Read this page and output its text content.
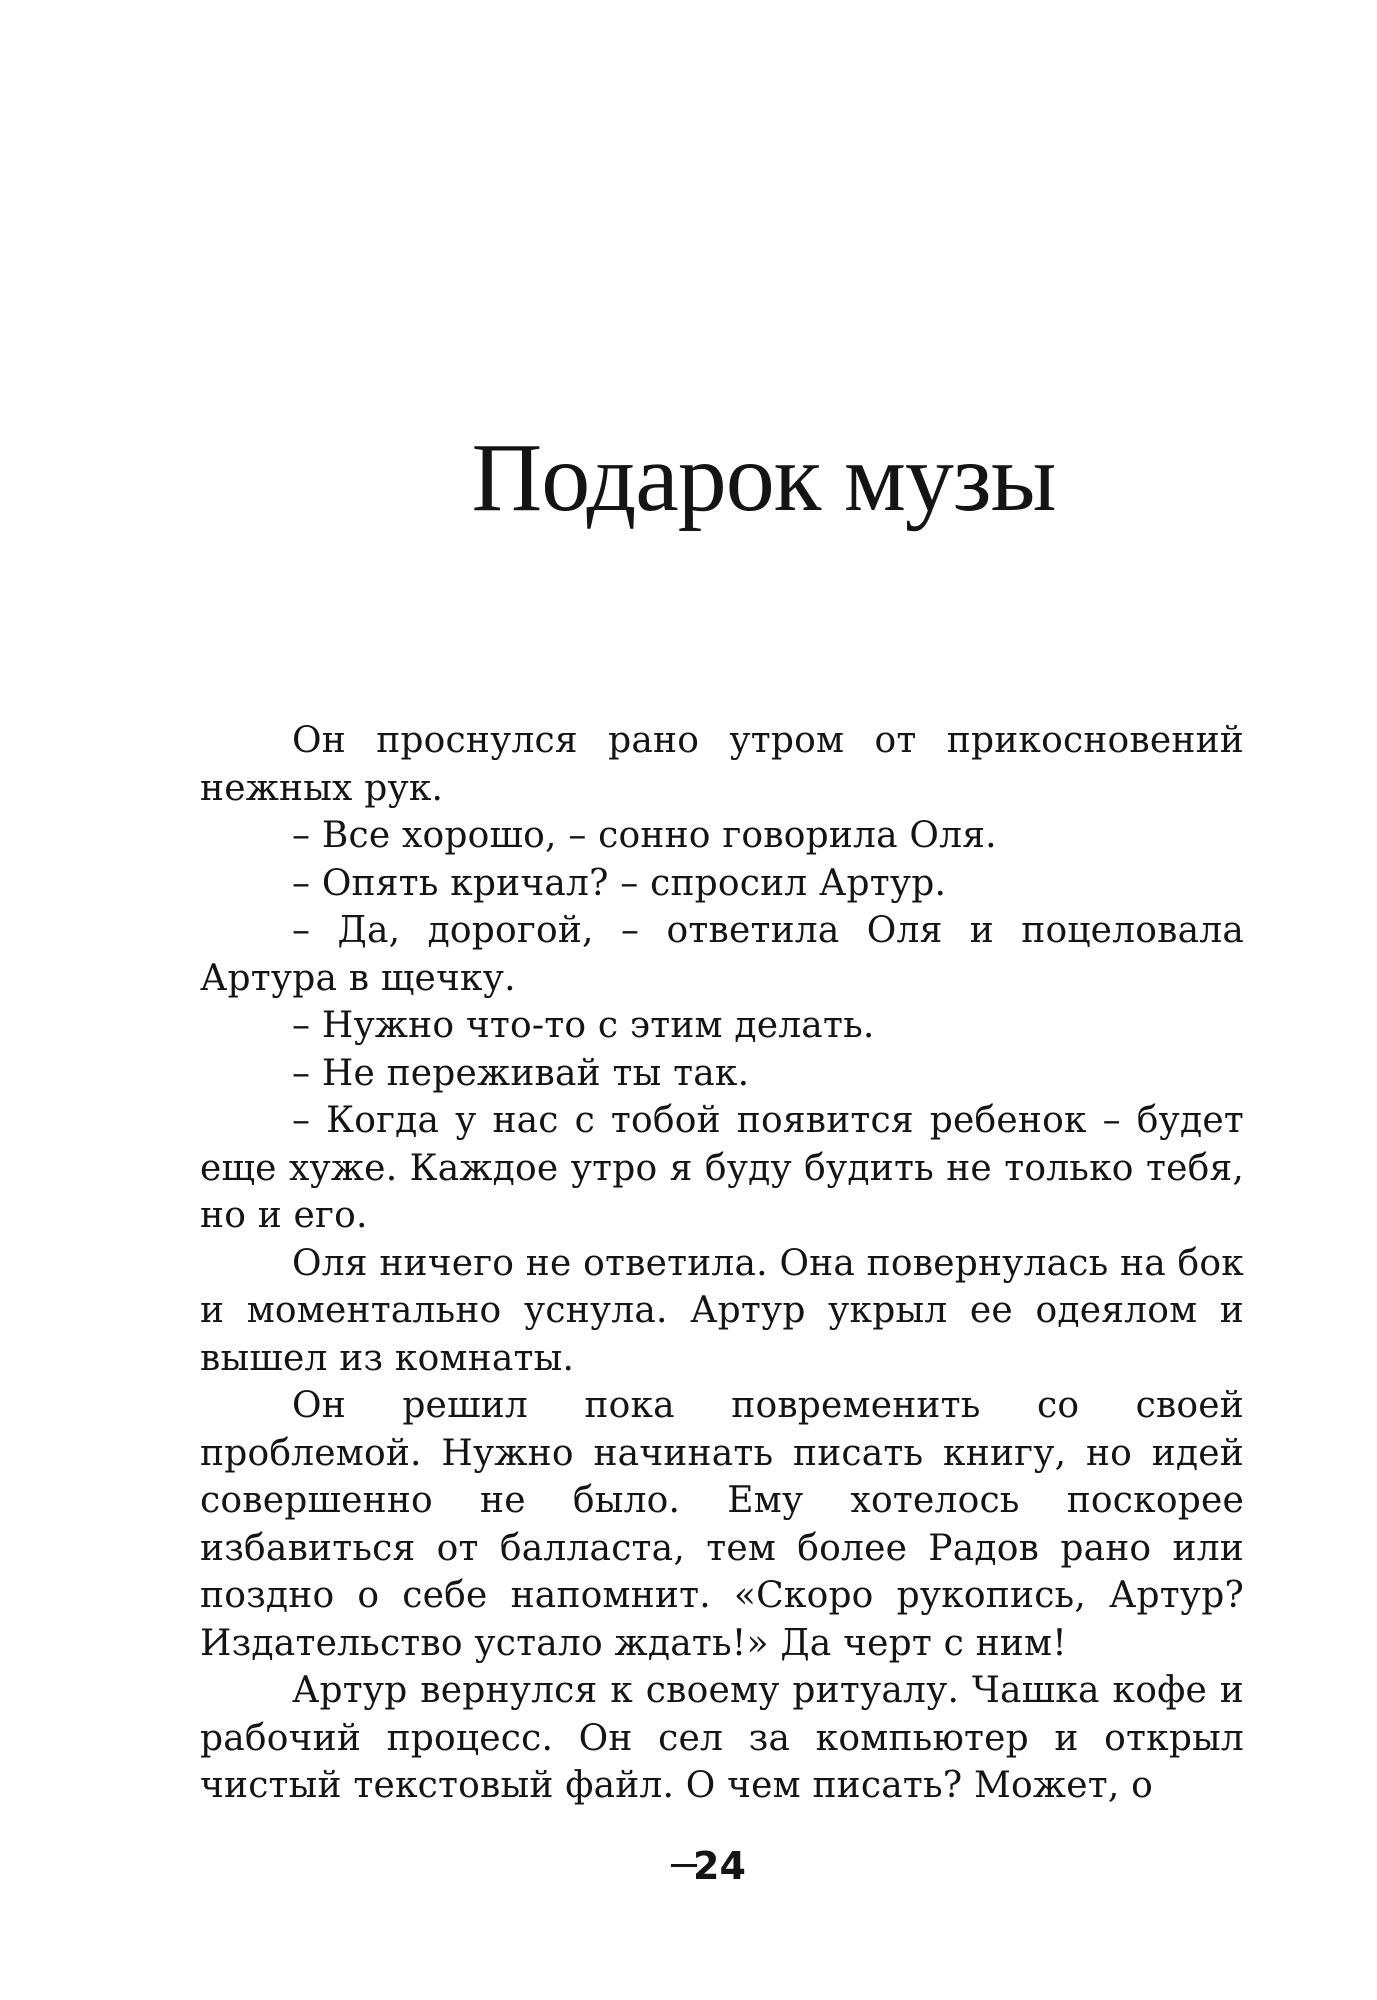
Подарок музы

Он проснулся рано утром от прикосновений нежных рук.

– Все хорошо, – сонно говорила Оля.

– Опять кричал? – спросил Артур.

– Да, дорогой, – ответила Оля и поцеловала Артура в щечку.

– Нужно что-то с этим делать.

– Не переживай ты так.

– Когда у нас с тобой появится ребенок – будет еще хуже. Каждое утро я буду будить не только тебя, но и его.

Оля ничего не ответила. Она повернулась на бок и моментально уснула. Артур укрыл ее одеялом и вышел из комнаты.

Он решил пока повременить со своей проблемой. Нужно начинать писать книгу, но идей совершенно не было. Ему хотелось поскорее избавиться от балласта, тем более Радов рано или поздно о себе напомнит. «Скоро рукопись, Артур? Издательство устало ждать!» Да черт с ним!

Артур вернулся к своему ритуалу. Чашка кофе и рабочий процесс. Он сел за компьютер и открыл чистый текстовый файл. О чем писать? Может, о

24
